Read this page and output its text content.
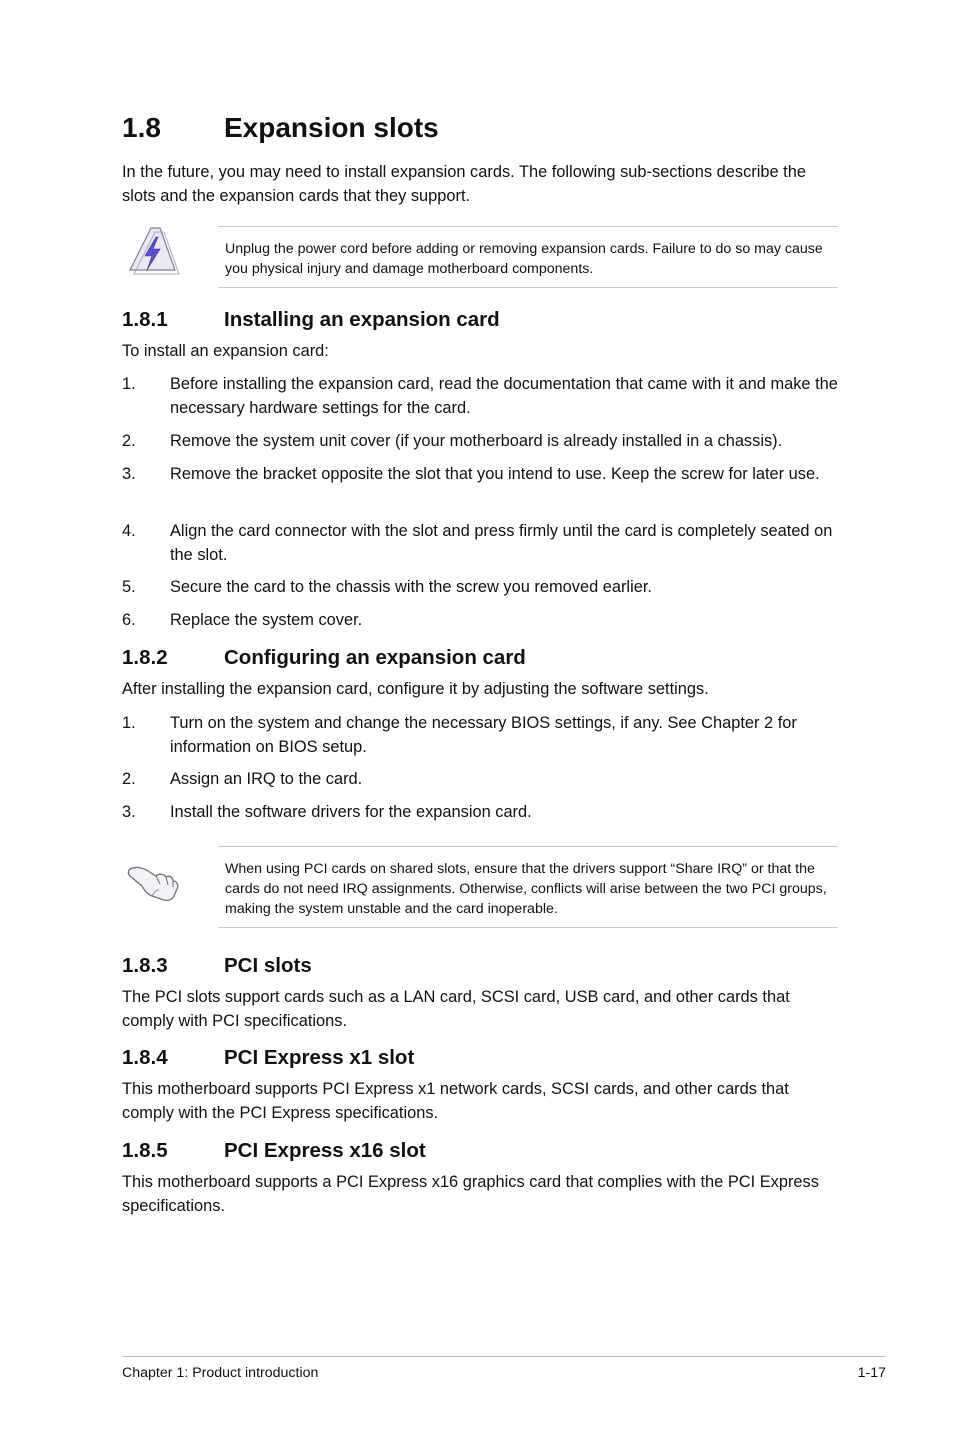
1.8 Expansion slots

In the future, you may need to install expansion cards. The following sub-sections describe the slots and the expansion cards that they support.

Unplug the power cord before adding or removing expansion cards. Failure to do so may cause you physical injury and damage motherboard components.
1.8.1	Installing an expansion card

To install an expansion card:

1. Before installing the expansion card, read the documentation that came with it and make the necessary hardware settings for the card.
2. Remove the system unit cover (if your motherboard is already installed in a chassis).
3. Remove the bracket opposite the slot that you intend to use. Keep the screw for later use.
4. Align the card connector with the slot and press firmly until the card is completely seated on the slot.
5. Secure the card to the chassis with the screw you removed earlier.
6. Replace the system cover.
1.8.2	Configuring an expansion card

After installing the expansion card, configure it by adjusting the software settings.

1. Turn on the system and change the necessary BIOS settings, if any. See Chapter 2 for information on BIOS setup.
2. Assign an IRQ to the card.
3. Install the software drivers for the expansion card.
When using PCI cards on shared slots, ensure that the drivers support “Share IRQ” or that the cards do not need IRQ assignments. Otherwise, conflicts will arise between the two PCI groups, making the system unstable and the card inoperable.
1.8.3	PCI slots

The PCI slots support cards such as a LAN card, SCSI card, USB card, and other cards that comply with PCI specifications.

1.8.4	PCI Express x1 slot

This motherboard supports PCI Express x1 network cards, SCSI cards, and other cards that comply with the PCI Express specifications.

1.8.5	PCI Express x16 slot

This motherboard supports a PCI Express x16 graphics card that complies with the PCI Express specifications.

Chapter 1: Product introduction	1-17
